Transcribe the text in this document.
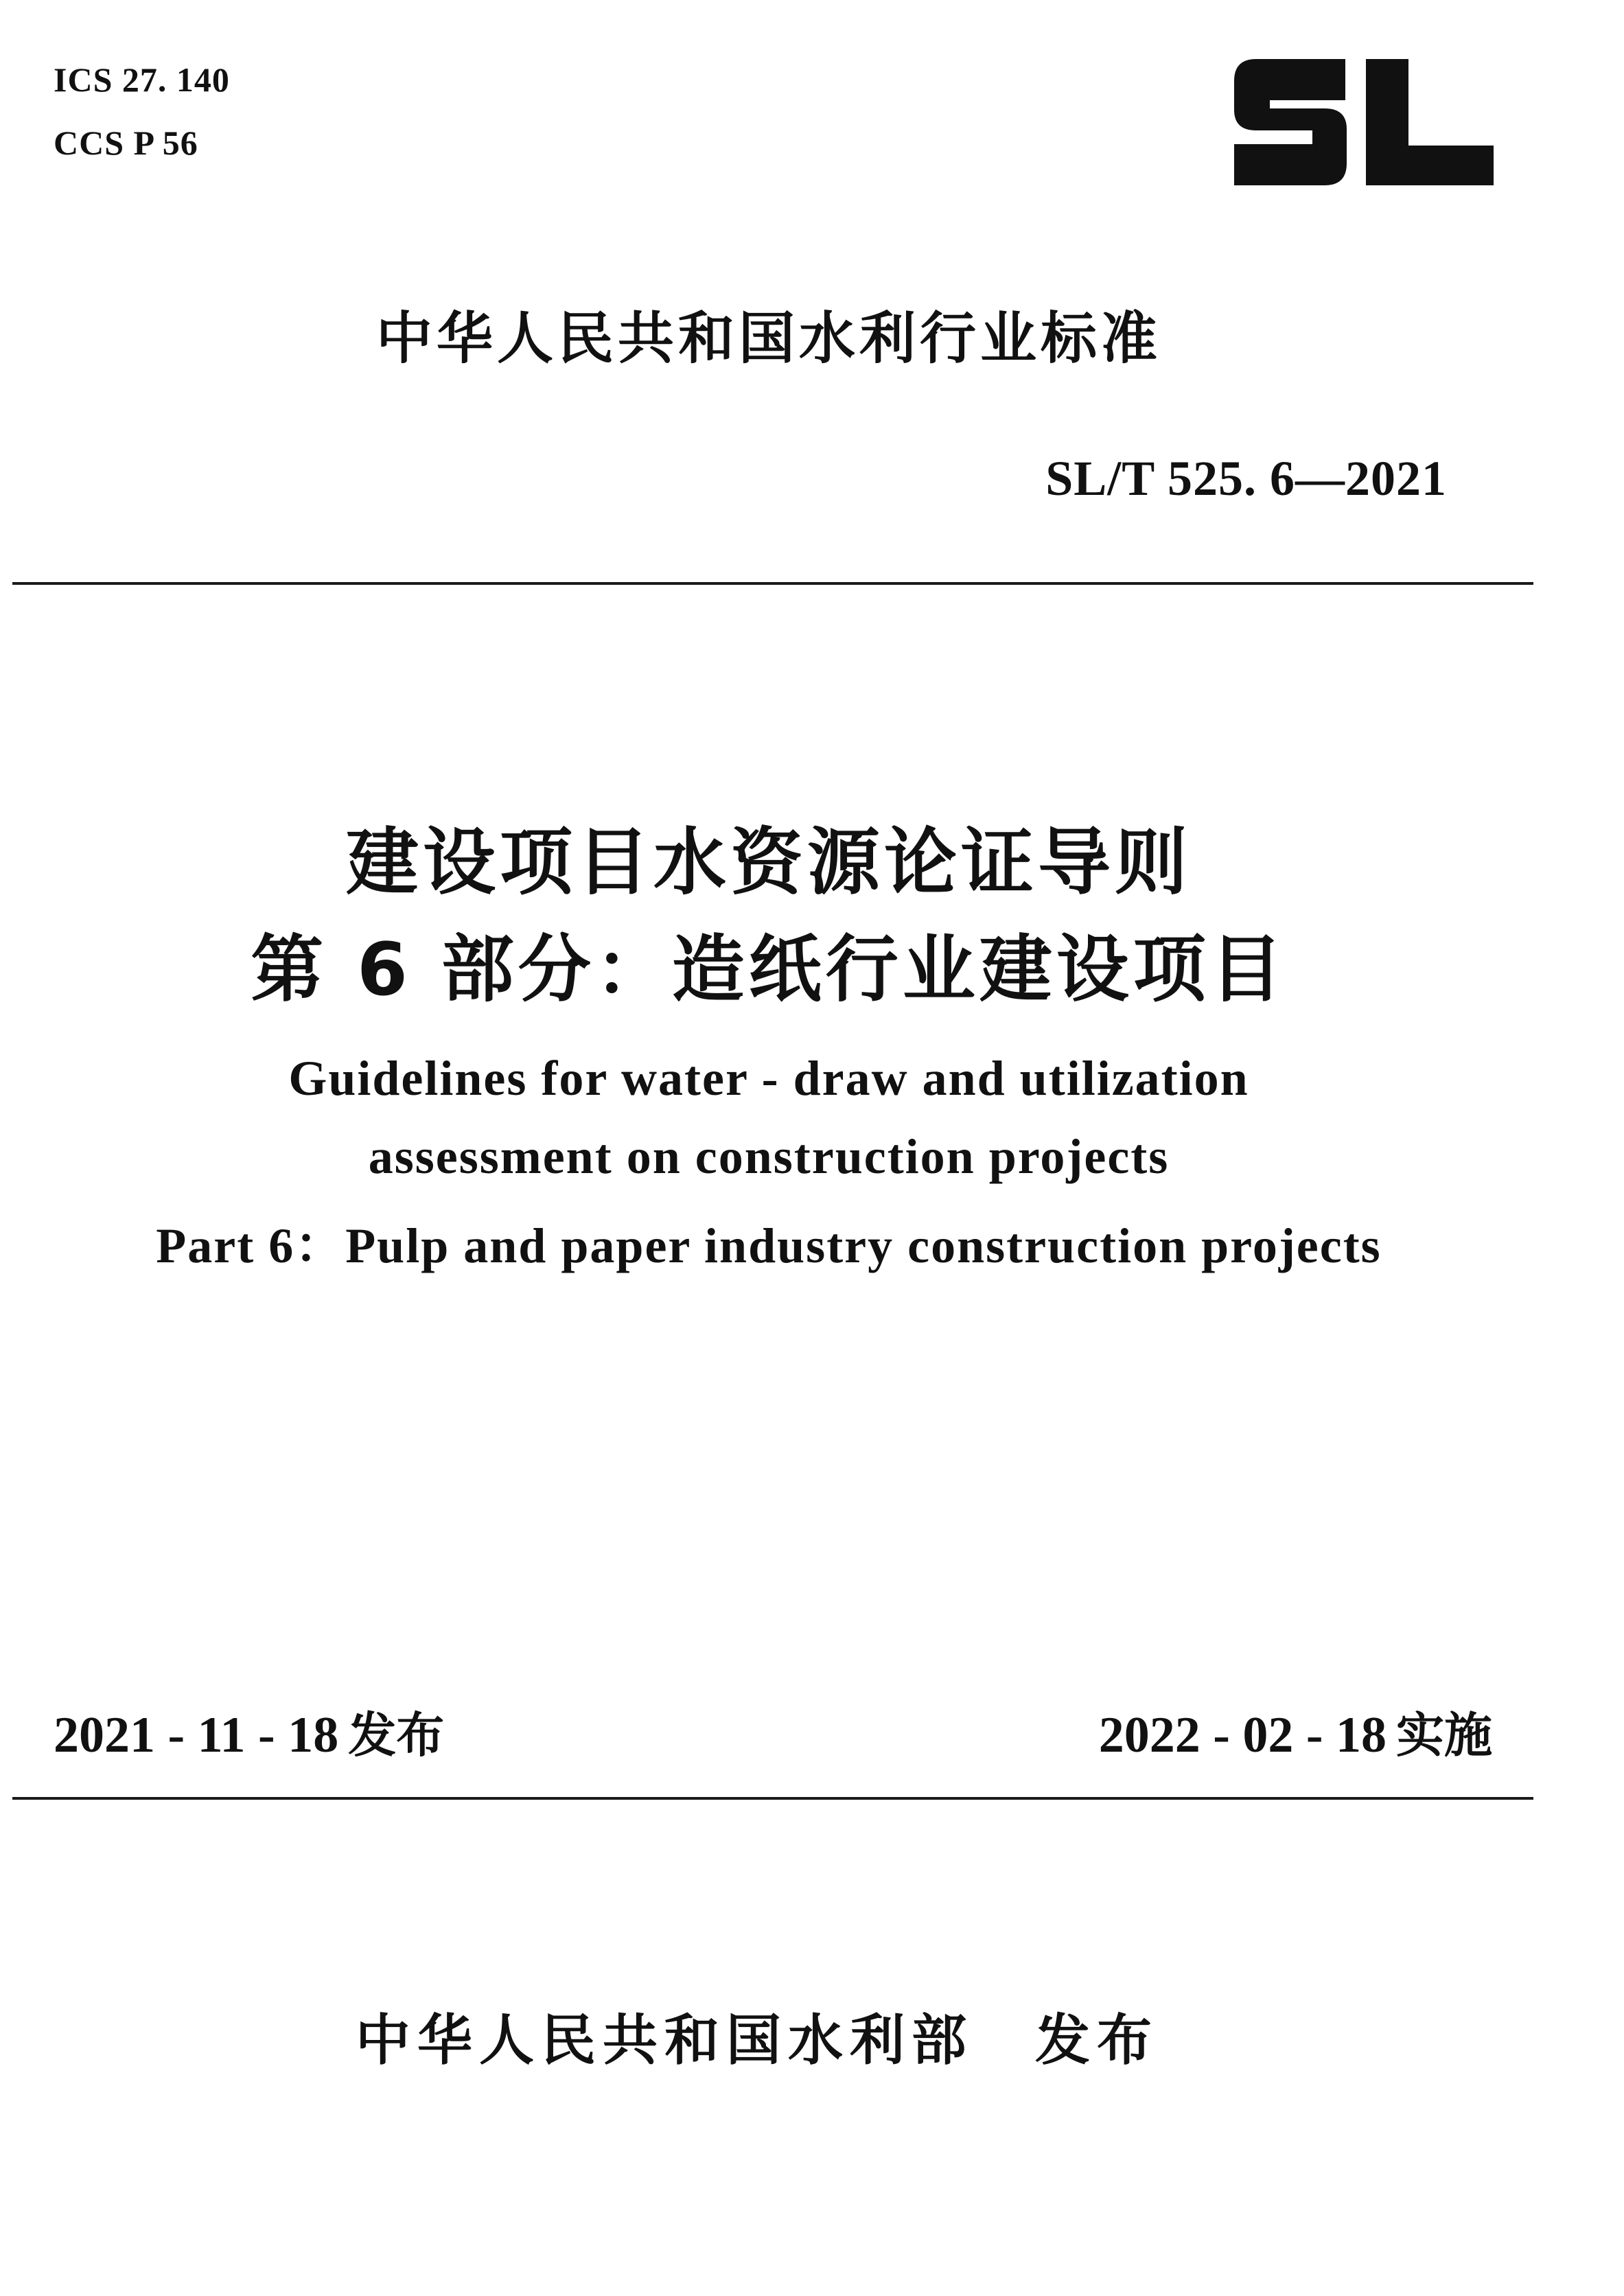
ICS 27. 140
CCS P 56
中华人民共和国水利行业标准
SL/T 525. 6—2021
建设项目水资源论证导则
第 6 部分：造纸行业建设项目
Guidelines for water - draw and utilization
assessment on construction projects
Part 6：Pulp and paper industry construction projects
2021 - 11 - 18 发布	2022 - 02 - 18 实施
中华人民共和国水利部 发布
